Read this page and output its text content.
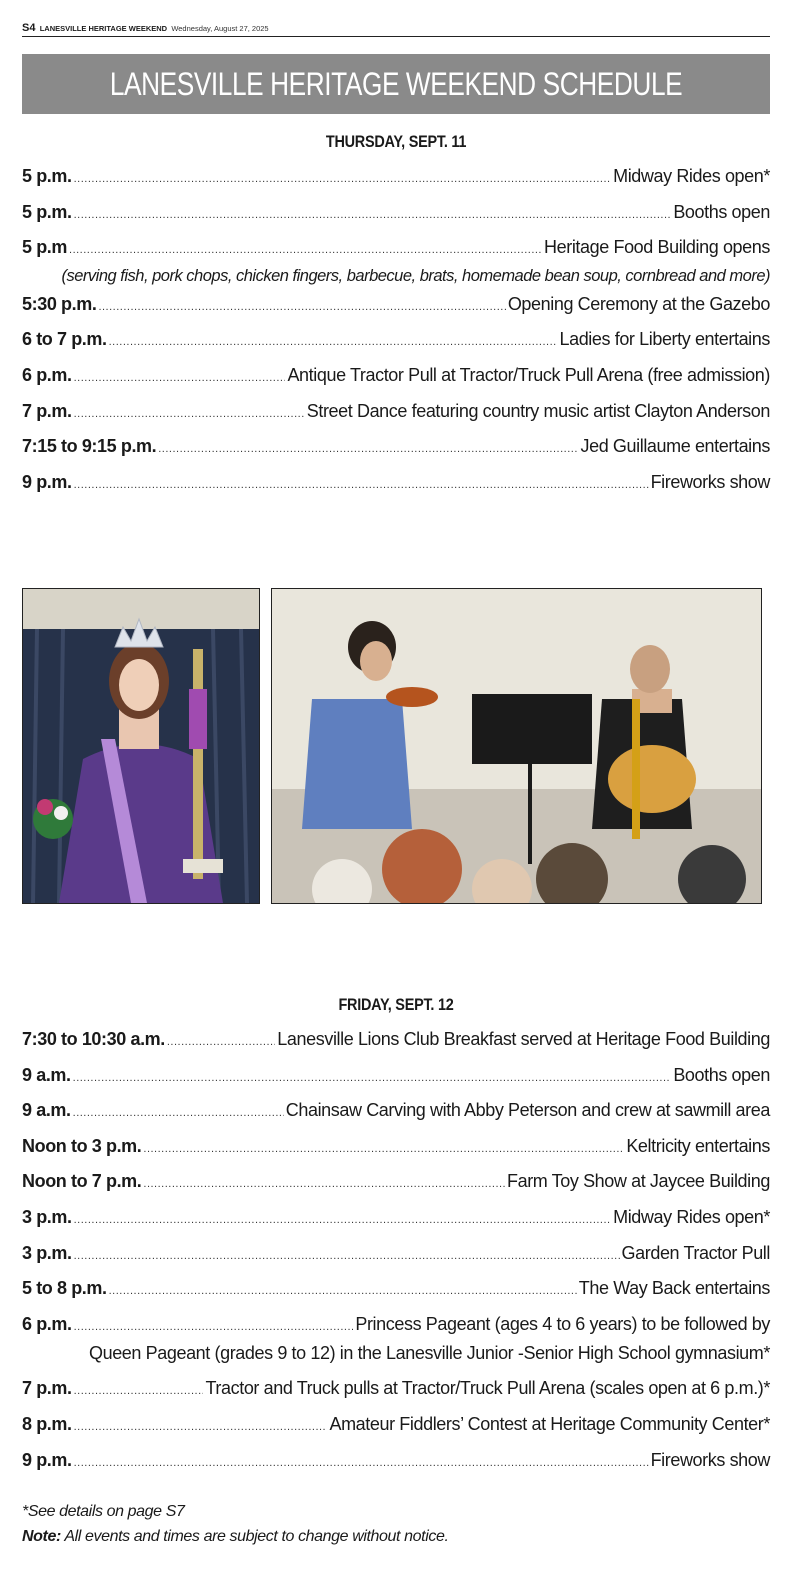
S4 LANESVILLE HERITAGE WEEKEND Wednesday, August 27, 2025
LANESVILLE HERITAGE WEEKEND SCHEDULE
THURSDAY, SEPT. 11
5 p.m. .....	Midway Rides open*
5 p.m. .....	Booths open
5 p.m .....	Heritage Food Building opens
(serving fish, pork chops, chicken fingers, barbecue, brats, homemade bean soup, cornbread and more)
5:30 p.m. .....	Opening Ceremony at the Gazebo
6 to 7 p.m. .....	Ladies for Liberty entertains
6 p.m. .....	Antique Tractor Pull at Tractor/Truck Pull Arena (free admission)
7 p.m. .....	Street Dance featuring country music artist Clayton Anderson
7:15 to 9:15 p.m. .....	Jed Guillaume entertains
9 p.m. .....	Fireworks show
FRIDAY, SEPT. 12
7:30 to 10:30 a.m. .....	Lanesville Lions Club Breakfast served at Heritage Food Building
9 a.m. .....	Booths open
9 a.m. .....	Chainsaw Carving with Abby Peterson and crew at sawmill area
Noon to 3 p.m. .....	Keltricity entertains
Noon to 7 p.m. .....	Farm Toy Show at Jaycee Building
3 p.m. .....	Midway Rides open*
3 p.m. .....	Garden Tractor Pull
5 to 8 p.m. .....	The Way Back entertains
6 p.m. .....	Princess Pageant (ages 4 to 6 years) to be followed by
Queen Pageant (grades 9 to 12) in the Lanesville Junior -Senior High School gymnasium*
7 p.m. .....	Tractor and Truck pulls at Tractor/Truck Pull Arena (scales open at 6 p.m.)*
8 p.m. .....	Amateur Fiddlers’ Contest at Heritage Community Center*
9 p.m. .....	Fireworks show
*See details on page S7
Note: All events and times are subject to change without notice.
